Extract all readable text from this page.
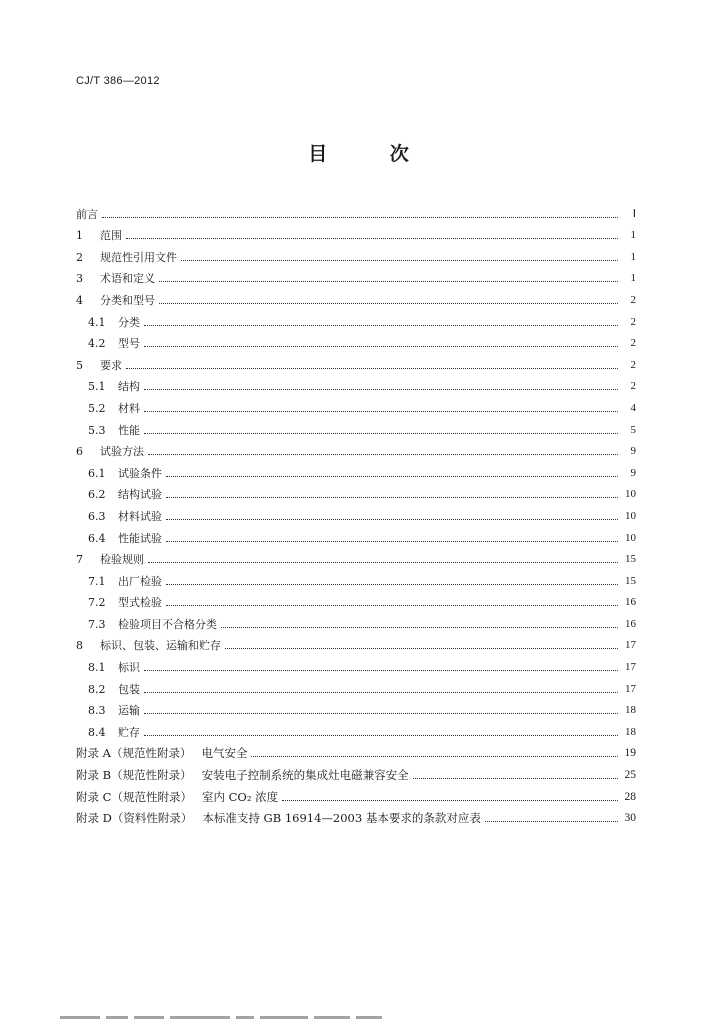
CJ/T 386—2012
目 次
前言	Ⅰ
1	范围	1
2	规范性引用文件	1
3	术语和定义	1
4	分类和型号	2
4.1	分类	2
4.2	型号	2
5	要求	2
5.1	结构	2
5.2	材料	4
5.3	性能	5
6	试验方法	9
6.1	试验条件	9
6.2	结构试验	10
6.3	材料试验	10
6.4	性能试验	10
7	检验规则	15
7.1	出厂检验	15
7.2	型式检验	16
7.3	检验项目不合格分类	16
8	标识、包装、运输和贮存	17
8.1	标识	17
8.2	包装	17
8.3	运输	18
8.4	贮存	18
附录 A（规范性附录） 电气安全	19
附录 B（规范性附录） 安装电子控制系统的集成灶电磁兼容安全	25
附录 C（规范性附录） 室内 CO₂ 浓度	28
附录 D（资料性附录） 本标准支持 GB 16914—2003 基本要求的条款对应表	30
